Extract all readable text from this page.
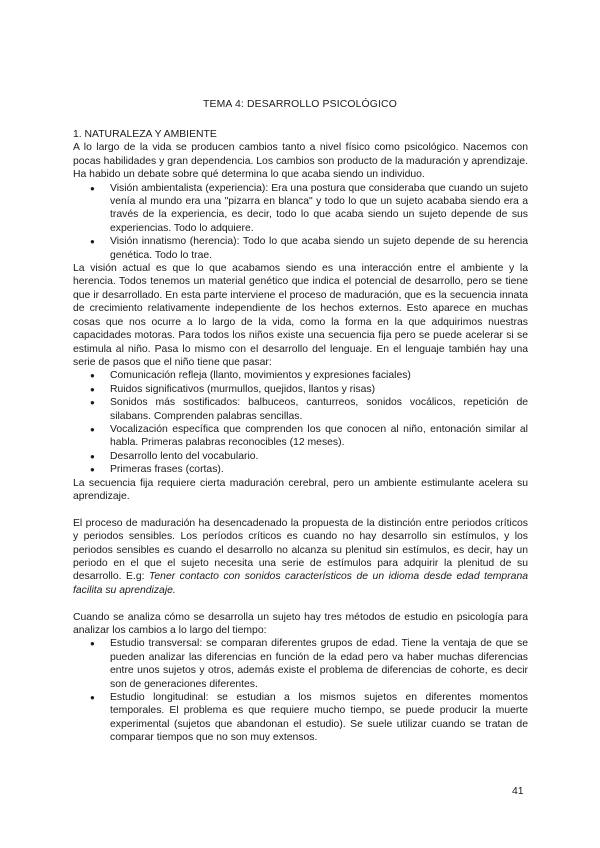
TEMA 4: DESARROLLO PSICOLÓGICO

1. NATURALEZA Y AMBIENTE

A lo largo de la vida se producen cambios tanto a nivel físico como psicológico. Nacemos con pocas habilidades y gran dependencia. Los cambios son producto de la maduración y aprendizaje. Ha habido un debate sobre qué determina lo que acaba siendo un individuo.

● Visión ambientalista (experiencia): Era una postura que consideraba que cuando un sujeto venía al mundo era una "pizarra en blanca" y todo lo que un sujeto acababa siendo era a través de la experiencia, es decir, todo lo que acaba siendo un sujeto depende de sus experiencias. Todo lo adquiere.
● Visión innatismo (herencia): Todo lo que acaba siendo un sujeto depende de su herencia genética. Todo lo trae.

La visión actual es que lo que acabamos siendo es una interacción entre el ambiente y la herencia. Todos tenemos un material genético que indica el potencial de desarrollo, pero se tiene que ir desarrollado. En esta parte interviene el proceso de maduración, que es la secuencia innata de crecimiento relativamente independiente de los hechos externos. Esto aparece en muchas cosas que nos ocurre a lo largo de la vida, como la forma en la que adquirimos nuestras capacidades motoras. Para todos los niños existe una secuencia fija pero se puede acelerar si se estimula al niño. Pasa lo mismo con el desarrollo del lenguaje. En el lenguaje también hay una serie de pasos que el niño tiene que pasar:

● Comunicación refleja (llanto, movimientos y expresiones faciales)
● Ruidos significativos (murmullos, quejidos, llantos y risas)
● Sonidos más sostificados: balbuceos, canturreos, sonidos vocálicos, repetición de silabans. Comprenden palabras sencillas.
● Vocalización específica que comprenden los que conocen al niño, entonación similar al habla. Primeras palabras reconocibles (12 meses).
● Desarrollo lento del vocabulario.
● Primeras frases (cortas).

La secuencia fija requiere cierta maduración cerebral, pero un ambiente estimulante acelera su aprendizaje.

El proceso de maduración ha desencadenado la propuesta de la distinción entre periodos críticos y periodos sensibles. Los períodos críticos es cuando no hay desarrollo sin estímulos, y los periodos sensibles es cuando el desarrollo no alcanza su plenitud sin estímulos, es decir, hay un periodo en el que el sujeto necesita una serie de estímulos para adquirir la plenitud de su desarrollo. E.g: Tener contacto con sonidos característicos de un idioma desde edad temprana facilita su aprendizaje.

Cuando se analiza cómo se desarrolla un sujeto hay tres métodos de estudio en psicología para analizar los cambios a lo largo del tiempo:

● Estudio transversal: se comparan diferentes grupos de edad. Tiene la ventaja de que se pueden analizar las diferencias en función de la edad pero va haber muchas diferencias entre unos sujetos y otros, además existe el problema de diferencias de cohorte, es decir son de generaciones diferentes.
● Estudio longitudinal: se estudian a los mismos sujetos en diferentes momentos temporales. El problema es que requiere mucho tiempo, se puede producir la muerte experimental (sujetos que abandonan el estudio). Se suele utilizar cuando se tratan de comparar tiempos que no son muy extensos.
41
